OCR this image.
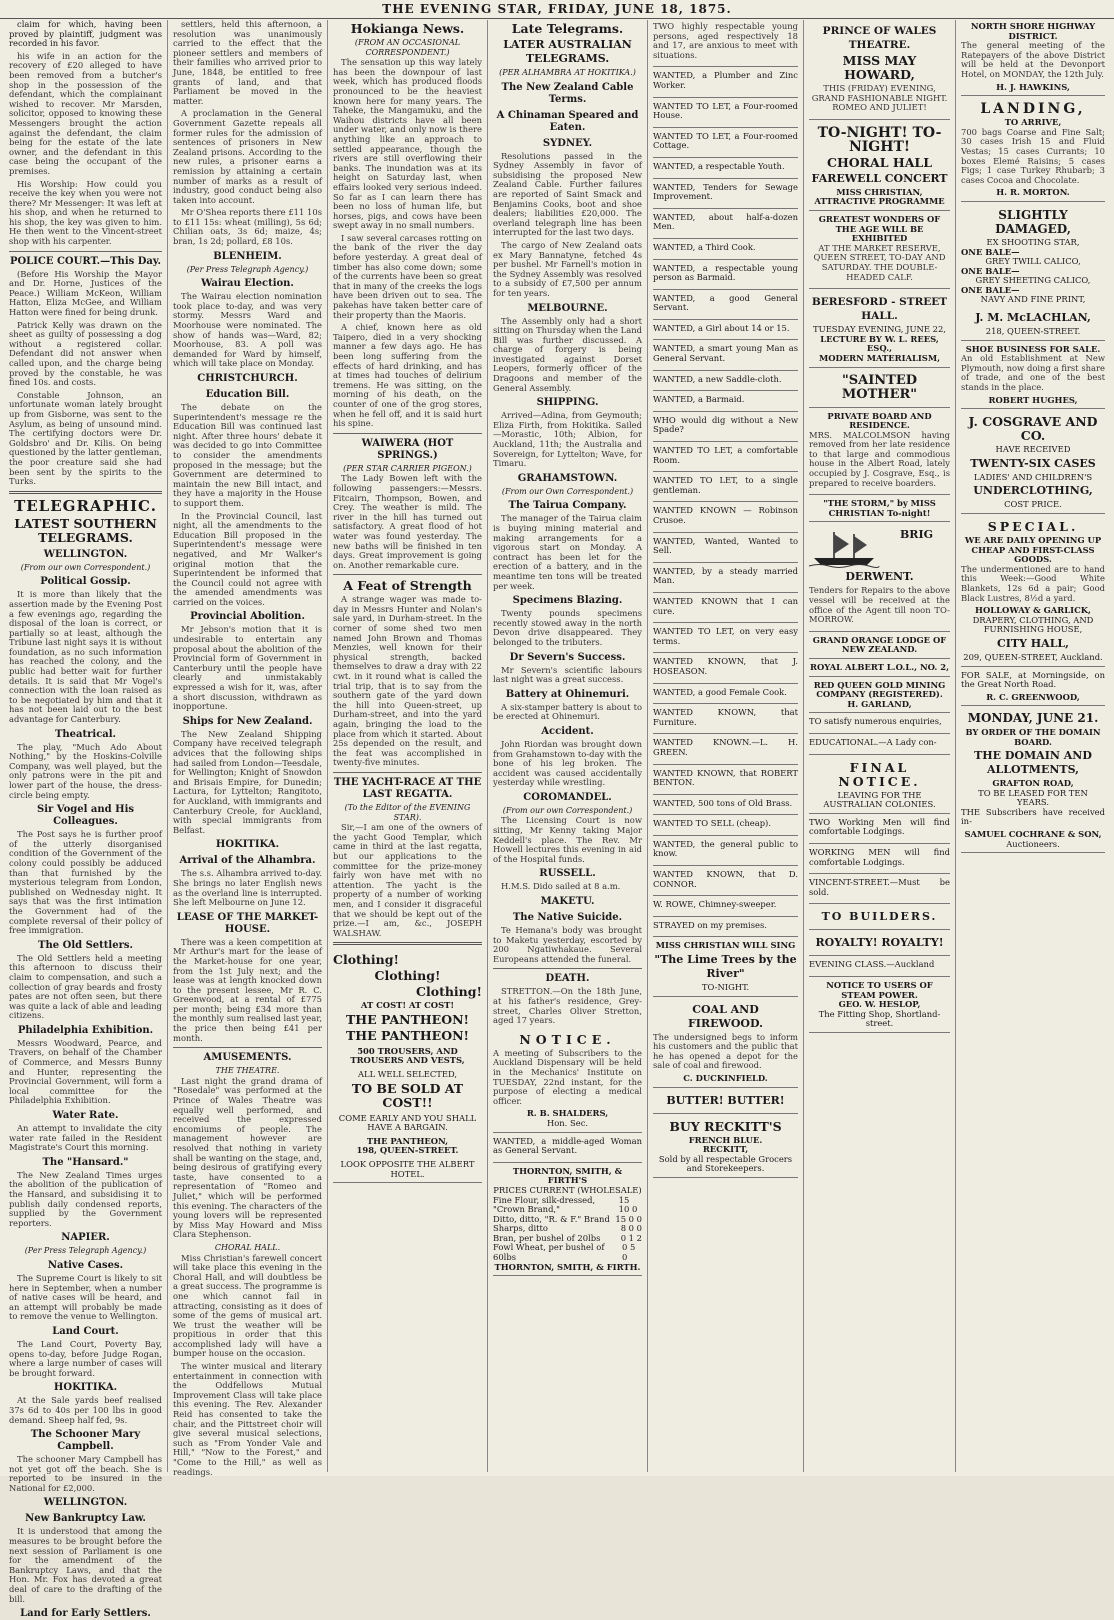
THE EVENING STAR, FRIDAY, JUNE 18, 1875.

claim for which, having been proved by plaintiff, judgment was recorded in his favor.

his wife in an action for the recovery of £20 alleged to have been removed from a butcher's shop in the possession of the defendant, which the complainant wished to recover. Mr Marsden, solicitor, opposed to knowing these Messengers brought the action against the defendant, the claim being for the estate of the late owner, and the defendant in this case being the occupant of the premises.

His Worship: How could you receive the key when you were not there? Mr Messenger: It was left at his shop, and when he returned to his shop, the key was given to him. He then went to the Vincent-street shop with his carpenter.

POLICE COURT.—This Day.

(Before His Worship the Mayor and Dr. Horne, Justices of the Peace.) William McKeon, William Hatton, Eliza McGee, and William Hatton were fined for being drunk.

Patrick Kelly was drawn on the sheet as guilty of possessing a dog without a registered collar. Defendant did not answer when called upon, and the charge being proved by the constable, he was fined 10s. and costs.

Constable Johnson, an unfortunate woman lately brought up from Gisborne, was sent to the Asylum, as being of unsound mind. The certifying doctors were Dr. Goldsbro' and Dr. Kilis. On being questioned by the latter gentleman, the poor creature said she had been sent by the spirits to the Turks.

TELEGRAPHIC.
LATEST SOUTHERN TELEGRAMS.
WELLINGTON.
(From our own Correspondent.)
Political Gossip.

It is more than likely that the assertion made by the Evening Post a few evenings ago, regarding the disposal of the loan is correct, or partially so at least, although the Tribune last night says it is without foundation, as no such information has reached the colony, and the public had better wait for further details. It is said that Mr Vogel's connection with the loan raised as to be negotiated by him and that it has not been laid out to the best advantage for Canterbury.

Theatrical.

The play, "Much Ado About Nothing," by the Hoskins-Colville Company, was well played, but the only patrons were in the pit and lower part of the house, the dress-circle being empty.

Sir Vogel and His Colleagues.

The Post says he is further proof of the utterly disorganised condition of the Government of the colony could possibly be adduced than that furnished by the mysterious telegram from London, published on Wednesday night. It says that was the first intimation the Government had of the complete reversal of their policy of free immigration.

The Old Settlers.

The Old Settlers held a meeting this afternoon to discuss their claim to compensation, and such a collection of gray beards and frosty pates are not often seen, but there was quite a lack of able and leading citizens.

Philadelphia Exhibition.

Messrs Woodward, Pearce, and Travers, on behalf of the Chamber of Commerce, and Messrs Bunny and Hunter, representing the Provincial Government, will form a local committee for the Philadelphia Exhibition.

Water Rate.

An attempt to invalidate the city water rate failed in the Resident Magistrate's Court this morning.

The "Hansard."

The New Zealand Times urges the abolition of the publication of the Hansard, and subsidising it to publish daily condensed reports, supplied by the Government reporters.

NAPIER.
(Per Press Telegraph Agency.)
Native Cases.

The Supreme Court is likely to sit here in September, when a number of native cases will be heard, and an attempt will probably be made to remove the venue to Wellington.

Land Court.

The Land Court, Poverty Bay, opens to-day, before Judge Rogan, where a large number of cases will be brought forward.

HOKITIKA.

At the Sale yards beef realised 37s 6d to 40s per 100 lbs in good demand. Sheep half fed, 9s.

The Schooner Mary Campbell.

The schooner Mary Campbell has not yet got off the beach. She is reported to be insured in the National for £2,000.

WELLINGTON.
New Bankruptcy Law.

It is understood that among the measures to be brought before the next session of Parliament is one for the amendment of the Bankruptcy Laws, and that the Hon. Mr. Fox has devoted a great deal of care to the drafting of the bill.

Land for Early Settlers.

settlers, held this afternoon, a resolution was unanimously carried to the effect that the pioneer settlers and members of their families who arrived prior to June, 1848, be entitled to free grants of land, and that Parliament be moved in the matter.

A proclamation in the General Government Gazette repeals all former rules for the admission of sentences of prisoners in New Zealand prisons. According to the new rules, a prisoner earns a remission by attaining a certain number of marks as a result of industry, good conduct being also taken into account.

Mr O'Shea reports there £11 10s to £11 15s: wheat (milling), 5s 6d; Chilian oats, 3s 6d; maize, 4s; bran, 1s 2d; pollard, £8 10s.

BLENHEIM.
(Per Press Telegraph Agency.)
Wairau Election.

The Wairau election nomination took place to-day, and was very stormy. Messrs Ward and Moorhouse were nominated. The show of hands was—Ward, 82; Moorhouse, 83. A poll was demanded for Ward by himself, which will take place on Monday.

CHRISTCHURCH.
Education Bill.

The debate on the Superintendent's message re the Education Bill was continued last night. After three hours' debate it was decided to go into Committee to consider the amendments proposed in the message; but the Government are determined to maintain the new Bill intact, and they have a majority in the House to support them.

In the Provincial Council, last night, all the amendments to the Education Bill proposed in the Superintendent's message were negatived, and Mr Walker's original motion that the Superintendent be informed that the Council could not agree with the amended amendments was carried on the voices.

Provincial Abolition.

Mr Jebson's motion that it is undesirable to entertain any proposal about the abolition of the Provincial form of Government in Canterbury until the people have clearly and unmistakably expressed a wish for it, was, after a short discussion, withdrawn as inopportune.

Ships for New Zealand.

The New Zealand Shipping Company have received telegraph advices that the following ships had sailed from London—Teesdale, for Wellington; Knight of Snowdon and Brisais Empire, for Dunedin; Lactura, for Lyttelton; Rangitoto, for Auckland, with immigrants and Canterbury Creole, for Auckland, with special immigrants from Belfast.

HOKITIKA.
Arrival of the Alhambra.

The s.s. Alhambra arrived to-day. She brings no later English news as the overland line is interrupted. She left Melbourne on June 12.

LEASE OF THE MARKET-HOUSE.

There was a keen competition at Mr Arthur's mart for the lease of the Market-house for one year, from the 1st July next; and the lease was at length knocked down to the present lessee, Mr R. C. Greenwood, at a rental of £775 per month; being £34 more than the monthly sum realised last year, the price then being £41 per month.

AMUSEMENTS.
THE THEATRE.

Last night the grand drama of "Rosedale" was performed at the Prince of Wales Theatre was equally well performed, and received the expressed encomiums of people. The management however are resolved that nothing in variety shall be wanting on the stage, and, being desirous of gratifying every taste, have consented to a representation of "Romeo and Juliet," which will be performed this evening. The characters of the young lovers will be represented by Miss May Howard and Miss Clara Stephenson.

CHORAL HALL.

Miss Christian's farewell concert will take place this evening in the Choral Hall, and will doubtless be a great success. The programme is one which cannot fail in attracting, consisting as it does of some of the gems of musical art. We trust the weather will be propitious in order that this accomplished lady will have a bumper house on the occasion.

The winter musical and literary entertainment in connection with the Oddfellows Mutual Improvement Class will take place this evening. The Rev. Alexander Reid has consented to take the chair, and the Pittstreet choir will give several musical selections, such as "From Yonder Vale and Hill," "Now to the Forest," and "Come to the Hill," as well as readings.

Hokianga News.
(FROM AN OCCASIONAL CORRESPONDENT.)

The sensation up this way lately has been the downpour of last week, which has produced floods pronounced to be the heaviest known here for many years. The Taheke, the Mangamuku, and the Waihou districts have all been under water, and only now is there anything like an approach to settled appearance, though the rivers are still overflowing their banks. The inundation was at its height on Saturday last, when effairs looked very serious indeed. So far as I can learn there has been no loss of human life, but horses, pigs, and cows have been swept away in no small numbers.

I saw several carcases rotting on the bank of the river the day before yesterday. A great deal of timber has also come down; some of the currents have been so great that in many of the creeks the logs have been driven out to sea. The pakehas have taken better care of their property than the Maoris.

A chief, known here as old Taipero, died in a very shocking manner a few days ago. He has been long suffering from the effects of hard drinking, and has at times had touches of delirium tremens. He was sitting, on the morning of his death, on the counter of one of the grog stores, when he fell off, and it is said hurt his spine.

WAIWERA (HOT SPRINGS.)
(PER STAR CARRIER PIGEON.)

The Lady Bowen left with the following passengers:—Messrs. Fitcairn, Thompson, Bowen, and Crey. The weather is mild. The river in the hill has turned out satisfactory. A great flood of hot water was found yesterday. The new baths will be finished in ten days. Great improvement is going on. Another remarkable cure.

A Feat of Strength

A strange wager was made to-day in Messrs Hunter and Nolan's sale yard, in Durham-street. In the corner of some shed two men named John Brown and Thomas Menzies, well known for their physical strength, backed themselves to draw a dray with 22 cwt. in it round what is called the trial trip, that is to say from the southern gate of the yard down the hill into Queen-street, up Durham-street, and into the yard again, bringing the load to the place from which it started. About 25s depended on the result, and the feat was accomplished in twenty-five minutes.

THE YACHT-RACE AT THE LAST REGATTA.
(To the Editor of the EVENING STAR).

Sir,—I am one of the owners of the yacht Good Templar, which came in third at the last regatta, but our applications to the committee for the prize-money fairly won have met with no attention. The yacht is the property of a number of working men, and I consider it disgraceful that we should be kept out of the prize.—I am, &c., JOSEPH WALSHAW.

Clothing!
Clothing!
Clothing!
AT COST! AT COST!
THE PANTHEON!
THE PANTHEON!
500 TROUSERS, AND TROUSERS AND VESTS,
ALL WELL SELECTED,
TO BE SOLD AT COST!!
COME EARLY AND YOU SHALL HAVE A BARGAIN.
THE PANTHEON,
198, QUEEN-STREET.
LOOK OPPOSITE THE ALBERT HOTEL.
Late Telegrams.
LATER AUSTRALIAN TELEGRAMS.
(PER ALHAMBRA AT HOKITIKA.)
The New Zealand Cable Terms.
A Chinaman Speared and Eaten.
SYDNEY.

Resolutions passed in the Sydney Assembly in favor of subsidising the proposed New Zealand Cable. Further failures are reported of Saint Smack and Benjamins Cooks, boot and shoe dealers; liabilities £20,000. The overland telegraph line has been interrupted for the last two days.

The cargo of New Zealand oats ex Mary Bannatyne, fetched 4s per bushel. Mr Farnell's motion in the Sydney Assembly was resolved to a subsidy of £7,500 per annum for ten years.

MELBOURNE.

The Assembly only had a short sitting on Thursday when the Land Bill was further discussed. A charge of forgery is being investigated against Dorset Leopers, formerly officer of the Dragoons and member of the General Assembly.

SHIPPING.

Arrived—Adina, from Geymouth; Eliza Firth, from Hokitika. Sailed—Morastic, 10th; Albion, for Auckland, 11th; the Australia and Sovereign, for Lyttelton; Wave, for Timaru.

GRAHAMSTOWN.
(From our Own Correspondent.)
The Tairua Company.

The manager of the Tairua claim is buying mining material and making arrangements for a vigorous start on Monday. A contract has been let for the erection of a battery, and in the meantime ten tons will be treated per week.

Specimens Blazing.

Twenty pounds specimens recently stowed away in the north Devon drive disappeared. They belonged to the tributers.

Dr Severn's Success.

Mr Severn's scientific labours last night was a great success.

Battery at Ohinemuri.

A six-stamper battery is about to be erected at Ohinemuri.

Accident.

John Riordan was brought down from Grahamstown to-day with the bone of his leg broken. The accident was caused accidentally yesterday while wrestling.

COROMANDEL.
(From our own Correspondent.)

The Licensing Court is now sitting, Mr Kenny taking Major Keddell's place. The Rev. Mr Howell lectures this evening in aid of the Hospital funds.

RUSSELL.

H.M.S. Dido sailed at 8 a.m.

MAKETU.
The Native Suicide.

Te Hemana's body was brought to Maketu yesterday, escorted by 200 Ngatiwhakaue. Several Europeans attended the funeral.

DEATH.

STRETTON.—On the 18th June, at his father's residence, Grey-street, Charles Oliver Stretton, aged 17 years.

NOTICE.

A meeting of Subscribers to the Auckland Dispensary will be held in the Mechanics' Institute on TUESDAY, 22nd instant, for the purpose of electing a medical officer.

R. B. SHALDERS,
Hon. Sec.

WANTED, a middle-aged Woman as General Servant.

THORNTON, SMITH, & FIRTH'S
PRICES CURRENT (WHOLESALE)
Fine Flour, silk-dressed, "Crown Brand,"
15 10 0
Ditto, ditto, "R. & F." Brand 15 0 0
Sharps, ditto	8 0 0
Bran, per bushel of 20lbs 0 1 2
Fowl Wheat, per bushel of 60lbs
0 5 0
THORNTON, SMITH, & FIRTH.

TWO highly respectable young persons, aged respectively 18 and 17, are anxious to meet with situations.

WANTED, a Plumber and Zinc Worker.

WANTED TO LET, a Four-roomed House.

WANTED TO LET, a Four-roomed Cottage.

WANTED, a respectable Youth.

WANTED, Tenders for Sewage Improvement.

WANTED, about half-a-dozen Men.

WANTED, a Third Cook.

WANTED, a respectable young person as Barmaid.

WANTED, a good General Servant.

WANTED, a Girl about 14 or 15.

WANTED, a smart young Man as General Servant.

WANTED, a new Saddle-cloth.

WANTED, a Barmaid.

WHO would dig without a New Spade?

WANTED TO LET, a comfortable Room.

WANTED TO LET, to a single gentleman.

WANTED KNOWN — Robinson Crusoe.

WANTED, Wanted, Wanted to Sell.

WANTED, by a steady married Man.

WANTED KNOWN that I can cure.

WANTED TO LET, on very easy terms.

WANTED KNOWN, that J. HOSEASON.

WANTED, a good Female Cook.

WANTED KNOWN, that Furniture.

WANTED KNOWN.—L. H. GREEN.

WANTED KNOWN, that ROBERT BENTON.

WANTED, 500 tons of Old Brass.

WANTED TO SELL (cheap).

WANTED, the general public to know.

WANTED KNOWN, that D. CONNOR.

W. ROWE, Chimney-sweeper.

STRAYED on my premises.

MISS CHRISTIAN WILL SING
"The Lime Trees by the River"
TO-NIGHT.
COAL AND FIREWOOD.

The undersigned begs to inform his customers and the public that he has opened a depot for the sale of coal and firewood.

C. DUCKINFIELD.
BUTTER! BUTTER!
BUY RECKITT'S
FRENCH BLUE.
RECKITT,
Sold by all respectable Grocers and Storekeepers.
PRINCE OF WALES THEATRE.
MISS MAY HOWARD,

THIS (FRIDAY) EVENING, GRAND FASHIONABLE NIGHT. ROMEO AND JULIET!

TO-NIGHT! TO-NIGHT!
CHORAL HALL
FAREWELL CONCERT
MISS CHRISTIAN,
ATTRACTIVE PROGRAMME
GREATEST WONDERS OF THE AGE WILL BE EXHIBITED

AT THE MARKET RESERVE, QUEEN STREET, TO-DAY AND SATURDAY. THE DOUBLE-HEADED CALF.

BERESFORD - STREET HALL.
TUESDAY EVENING, JUNE 22,
LECTURE BY W. L. REES, ESQ.,
MODERN MATERIALISM,
"SAINTED MOTHER"
PRIVATE BOARD AND RESIDENCE.

MRS. MALCOLMSON having removed from her late residence to that large and commodious house in the Albert Road, lately occupied by J. Cosgrave, Esq., is prepared to receive boarders.

"THE STORM," by MISS CHRISTIAN To-night!
BRIG DERWENT.

Tenders for Repairs to the above vessel will be received at the office of the Agent till noon TO-MORROW.

GRAND ORANGE LODGE OF NEW ZEALAND.
ROYAL ALBERT L.O.L., NO. 2,
RED QUEEN GOLD MINING COMPANY (REGISTERED).
H. GARLAND,

TO satisfy numerous enquiries,

EDUCATIONAL.—A Lady con-

FINAL NOTICE.
LEAVING FOR THE AUSTRALIAN COLONIES.

TWO Working Men will find comfortable Lodgings.

WORKING MEN will find comfortable Lodgings.

VINCENT-STREET.—Must be sold.

TO BUILDERS.
ROYALTY! ROYALTY!

EVENING CLASS.—Auckland

NOTICE TO USERS OF STEAM POWER.
GEO. W. HESLOP,
The Fitting Shop, Shortland-street.
NORTH SHORE HIGHWAY DISTRICT.

The general meeting of the Ratepayers of the above District will be held at the Devonport Hotel, on MONDAY, the 12th July.

H. J. HAWKINS,
LANDING,
TO ARRIVE,

700 bags Coarse and Fine Salt; 30 cases Irish 15 and Fluid Vestas; 15 cases Currants; 10 boxes Elemé Raisins; 5 cases Figs; 1 case Turkey Rhubarb; 3 cases Cocoa and Chocolate.

H. R. MORTON.
SLIGHTLY DAMAGED,
EX SHOOTING STAR,
ONE BALE—
GREY TWILL CALICO,
ONE BALE—
GREY SHEETING CALICO,
ONE BALE—
NAVY AND FINE PRINT,
J. M. McLACHLAN,
218, QUEEN-STREET.
SHOE BUSINESS FOR SALE.

An old Establishment at New Plymouth, now doing a first share of trade, and one of the best stands in the place.

ROBERT HUGHES,
J. COSGRAVE AND CO.
HAVE RECEIVED
TWENTY-SIX CASES
LADIES' AND CHILDREN'S
UNDERCLOTHING,
COST PRICE.
SPECIAL.
WE ARE DAILY OPENING UP CHEAP AND FIRST-CLASS GOODS.

The undermentioned are to hand this Week:—Good White Blankets, 12s 6d a pair; Good Black Lustres, 8½d a yard.

HOLLOWAY & GARLICK,
DRAPERY, CLOTHING, AND FURNISHING HOUSE,
CITY HALL,
209, QUEEN-STREET, Auckland.

FOR SALE, at Morningside, on the Great North Road.

R. C. GREENWOOD,
MONDAY, JUNE 21.
BY ORDER OF THE DOMAIN BOARD.
THE DOMAIN AND ALLOTMENTS,
GRAFTON ROAD,
TO BE LEASED FOR TEN YEARS.

THE Subscribers have received in-

SAMUEL COCHRANE & SON,
Auctioneers.
